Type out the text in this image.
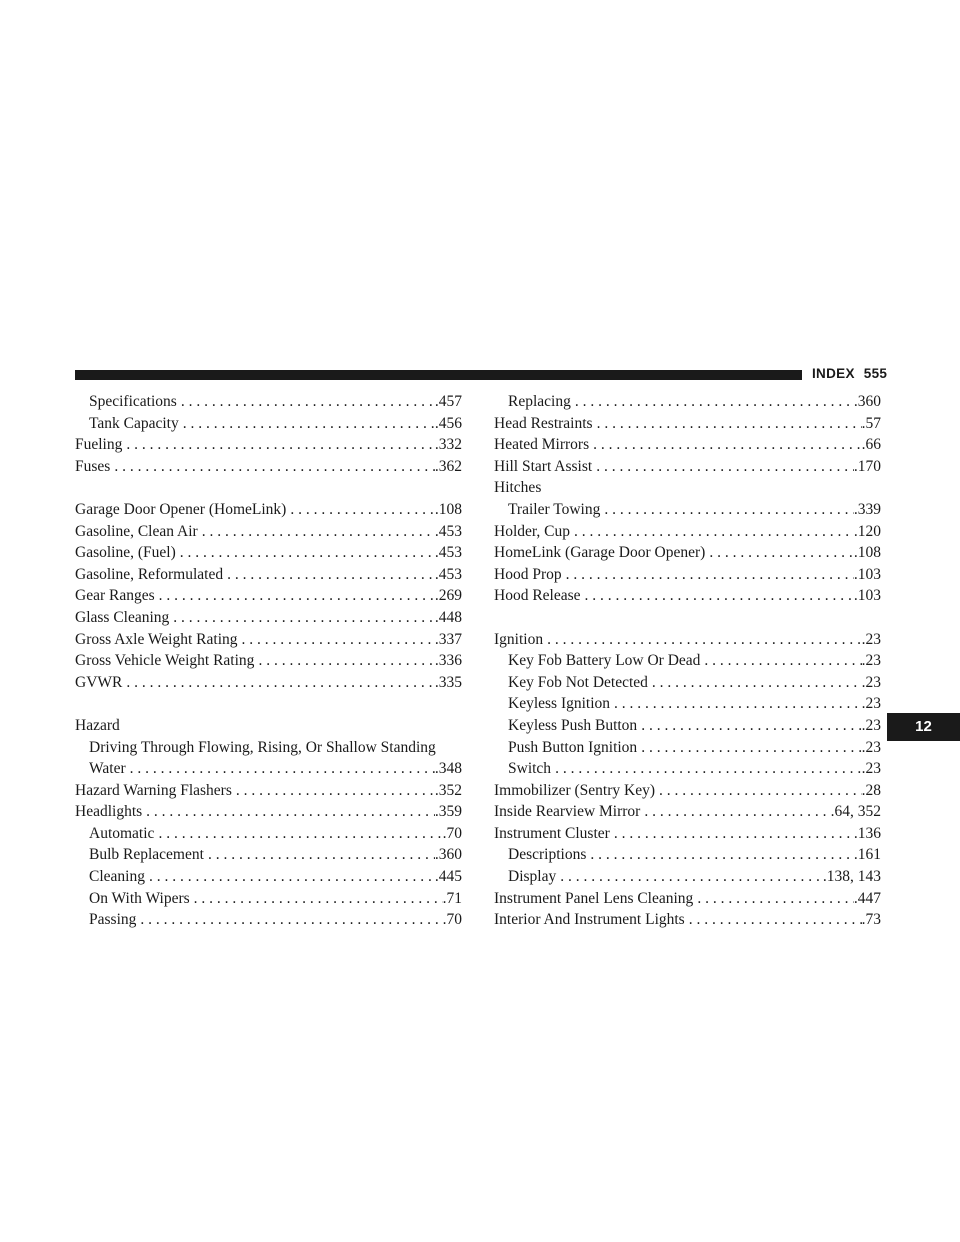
INDEX 555
12
Specifications . . .	.457
Tank Capacity . . .	.456
Fueling . . .	.332
Fuses . . .	.362
Garage Door Opener (HomeLink) . . .	.108
Gasoline, Clean Air . . .	.453
Gasoline, (Fuel) . . .	.453
Gasoline, Reformulated . . .	.453
Gear Ranges . . .	.269
Glass Cleaning . . .	.448
Gross Axle Weight Rating . . .	.337
Gross Vehicle Weight Rating . . .	.336
GVWR . . .	.335
Hazard
Driving Through Flowing, Rising, Or Shallow Standing
Water . . .	.348
Hazard Warning Flashers . . .	.352
Headlights . . .	.359
Automatic . . .	.70
Bulb Replacement . . .	.360
Cleaning . . .	.445
On With Wipers . . .	.71
Passing . . .	.70
Replacing . . .	.360
Head Restraints . . .	.57
Heated Mirrors . . .	.66
Hill Start Assist . . .	.170
Hitches
Trailer Towing . . .	.339
Holder, Cup . . .	.120
HomeLink (Garage Door Opener) . . .	.108
Hood Prop . . .	.103
Hood Release . . .	.103
Ignition . . .	.23
Key Fob Battery Low Or Dead . . .	.23
Key Fob Not Detected . . .	.23
Keyless Ignition . . .	.23
Keyless Push Button . . .	.23
Push Button Ignition . . .	.23
Switch . . .	.23
Immobilizer (Sentry Key) . . .	.28
Inside Rearview Mirror . . .	.64, 352
Instrument Cluster . . .	.136
Descriptions . . .	.161
Display . . .	.138, 143
Instrument Panel Lens Cleaning . . .	.447
Interior And Instrument Lights . . .	.73
